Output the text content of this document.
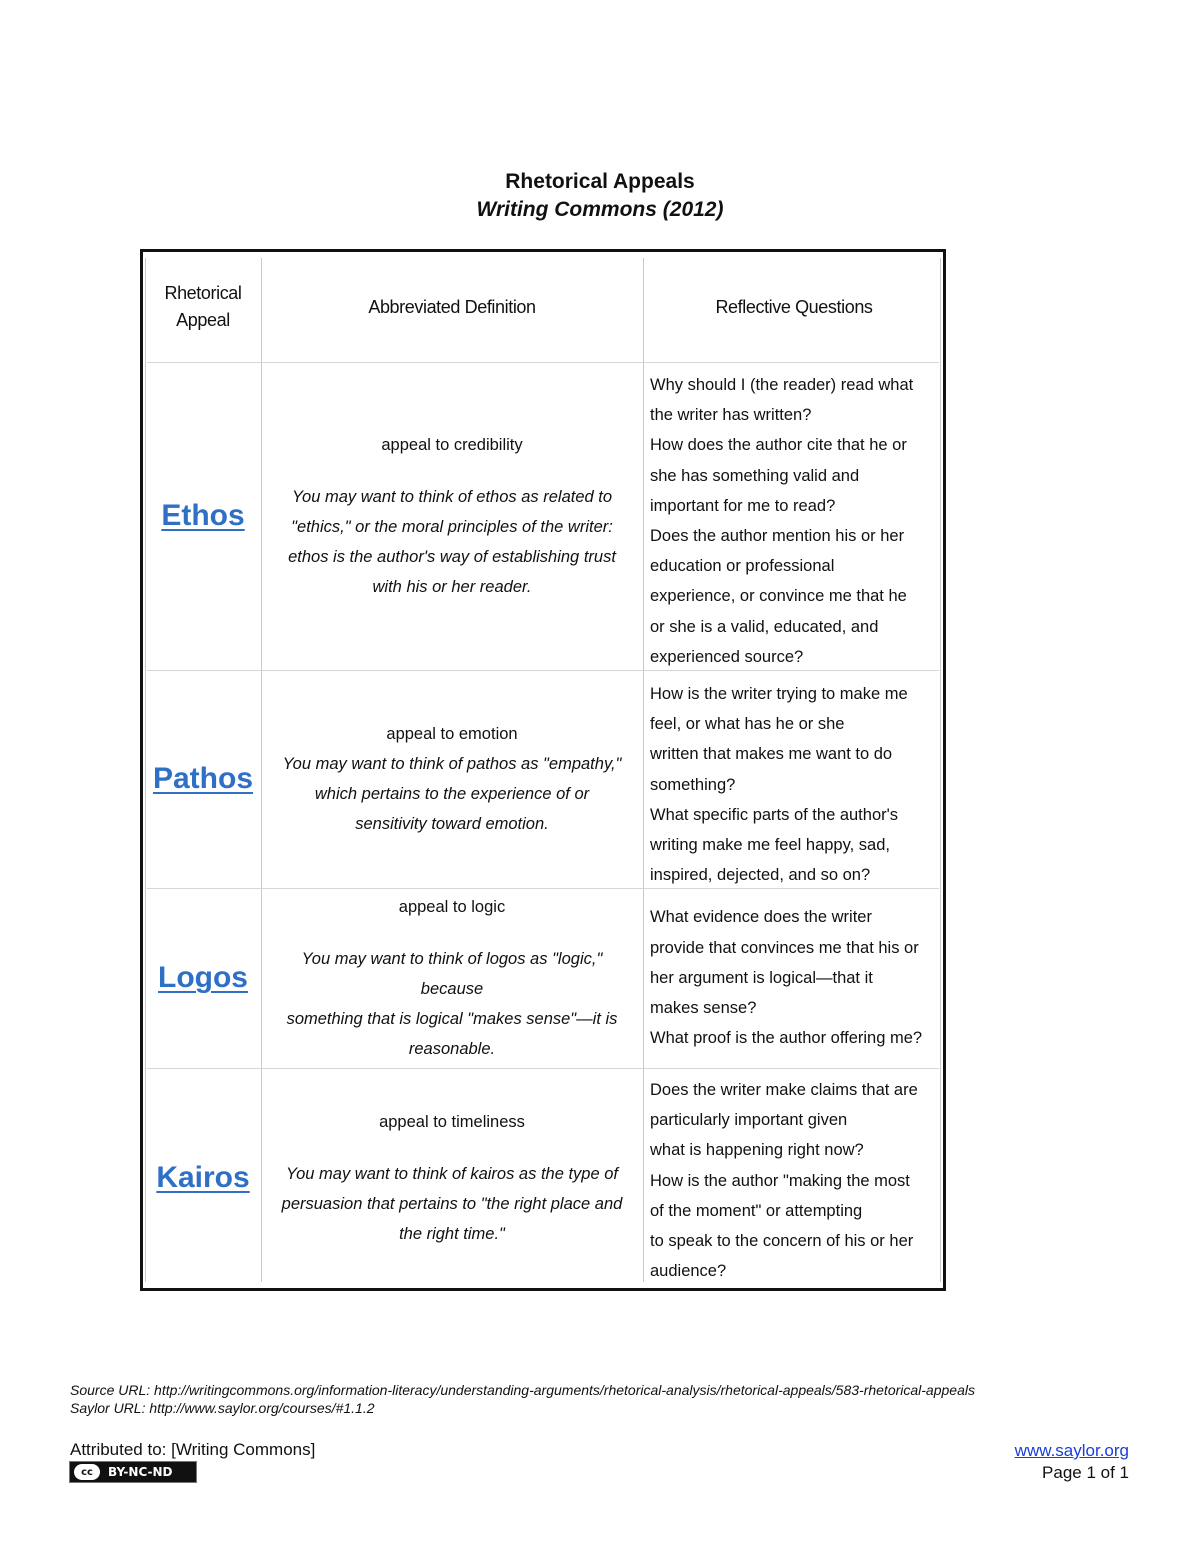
Rhetorical Appeals
Writing Commons (2012)
Rhetorical
Appeal
Abbreviated Definition	Reflective Questions
Ethos
appeal to credibility
You may want to think of ethos as related to
"ethics," or the moral principles of the writer:
ethos is the author's way of establishing trust
with his or her reader.
Why should I (the reader) read what
the writer has written?
How does the author cite that he or
she has something valid and
important for me to read?
Does the author mention his or her
education or professional
experience, or convince me that he
or she is a valid, educated, and
experienced source?
Pathos
appeal to emotion
You may want to think of pathos as "empathy,"
which pertains to the experience of or
sensitivity toward emotion.
How is the writer trying to make me
feel, or what has he or she
written that makes me want to do
something?
What specific parts of the author's
writing make me feel happy, sad,
inspired, dejected, and so on?
Logos
appeal to logic
You may want to think of logos as "logic,"
because
something that is logical "makes sense"—it is
reasonable.
What evidence does the writer
provide that convinces me that his or
her argument is logical—that it
makes sense?
What proof is the author offering me?
Kairos
appeal to timeliness
You may want to think of kairos as the type of
persuasion that pertains to "the right place and
the right time."
Does the writer make claims that are
particularly important given
what is happening right now?
How is the author "making the most
of the moment" or attempting
to speak to the concern of his or her
audience?
Source URL: http://writingcommons.org/information-literacy/understanding-arguments/rhetorical-analysis/rhetorical-appeals/583-rhetorical-appeals
Saylor URL: http://www.saylor.org/courses/#1.1.2
Attributed to: [Writing Commons]
cc	BY-NC-ND
www.saylor.org
Page 1 of 1
